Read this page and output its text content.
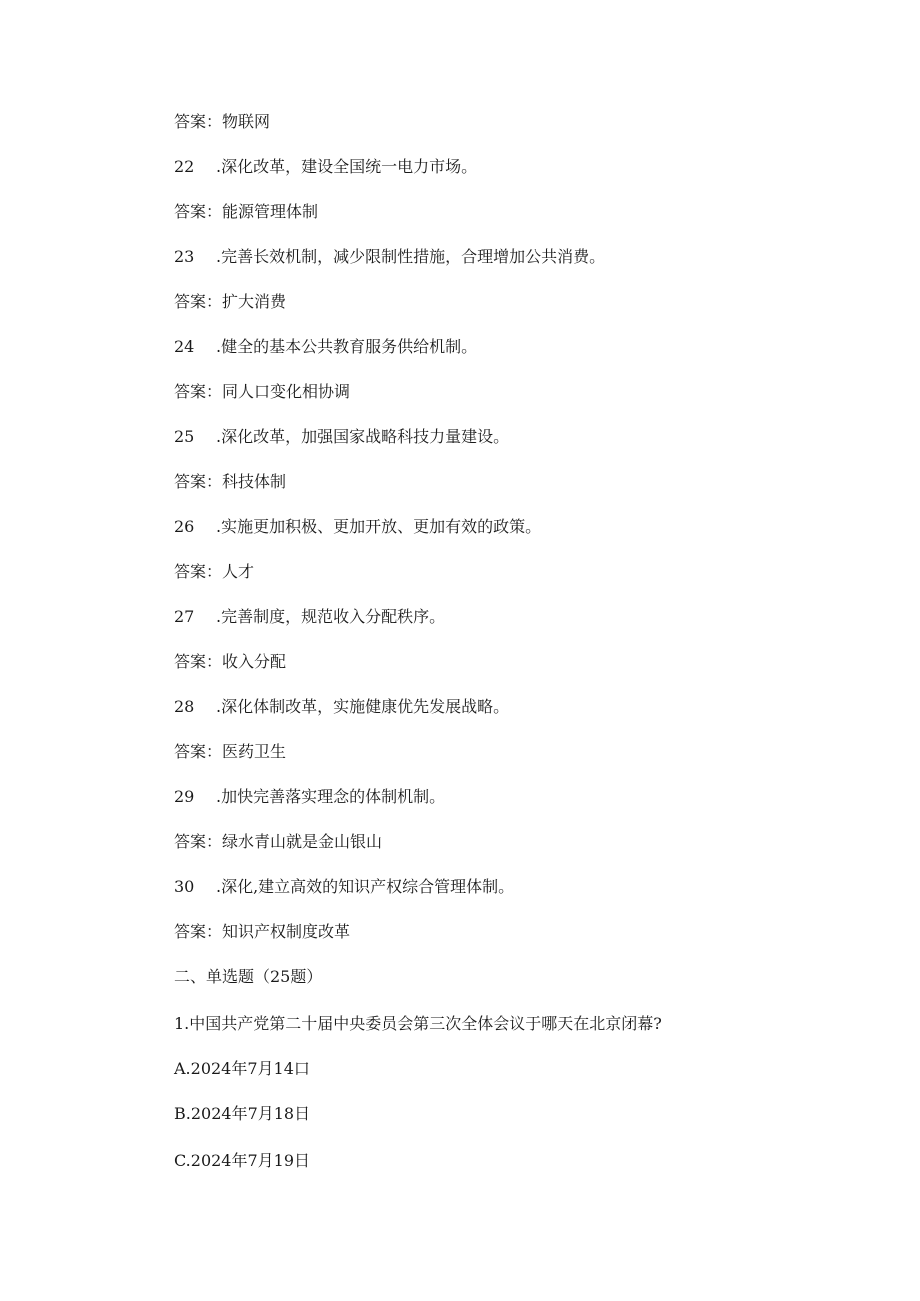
答案：物联网
22	.深化改革，建设全国统一电力市场。
答案：能源管理体制
23	.完善长效机制，减少限制性措施，合理增加公共消费。
答案：扩大消费
24	.健全的基本公共教育服务供给机制。
答案：同人口变化相协调
25	.深化改革，加强国家战略科技力量建设。
答案：科技体制
26	.实施更加积极、更加开放、更加有效的政策。
答案：人才
27	.完善制度，规范收入分配秩序。
答案：收入分配
28	.深化体制改革，实施健康优先发展战略。
答案：医药卫生
29	.加快完善落实理念的体制机制。
答案：绿水青山就是金山银山
30	.深化,建立高效的知识产权综合管理体制。
答案：知识产权制度改革
二、单选题（25题）
1.中国共产党第二十届中央委员会第三次全体会议于哪天在北京闭幕?
A.2024年7月14口
B.2024年7月18日
C.2024年7月19日
